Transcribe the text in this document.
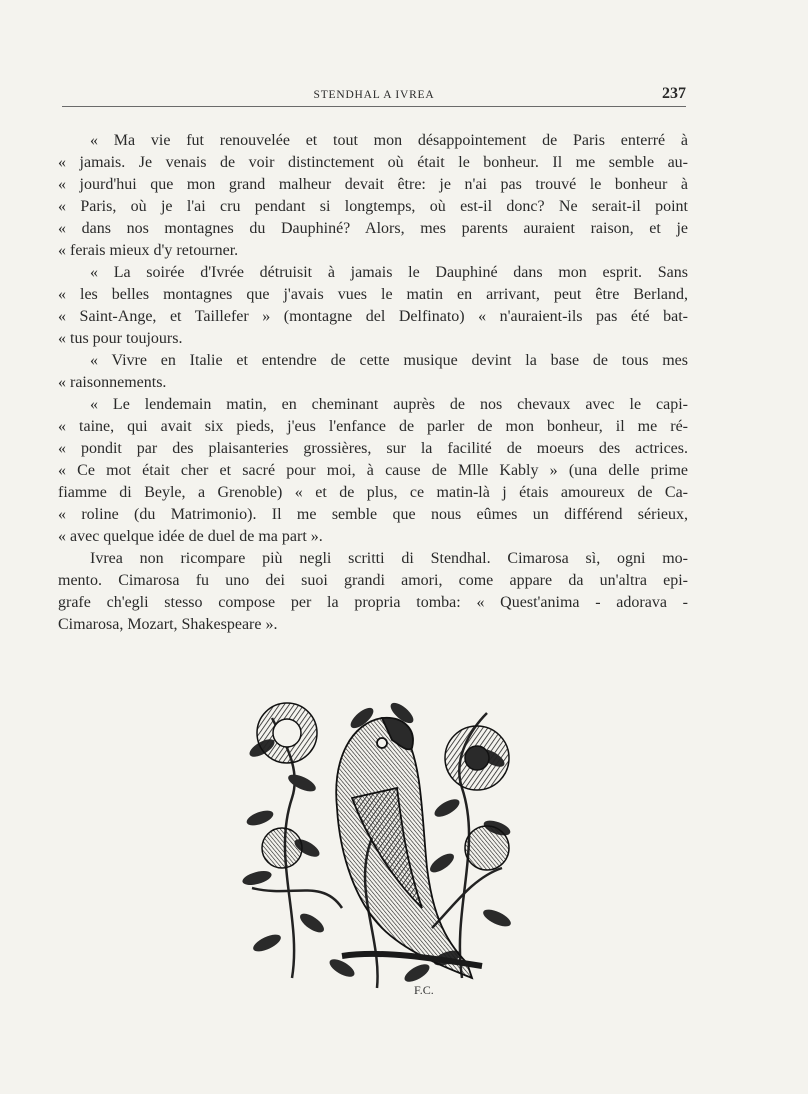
STENDHAL A IVREA	237
« Ma vie fut renouvelée et tout mon désappointement de Paris enterré à
« jamais. Je venais de voir distinctement où était le bonheur. Il me semble au-
« jourd'hui que mon grand malheur devait être: je n'ai pas trouvé le bonheur à
« Paris, où je l'ai cru pendant si longtemps, où est-il donc? Ne serait-il point
« dans nos montagnes du Dauphiné? Alors, mes parents auraient raison, et je
« ferais mieux d'y retourner.
« La soirée d'Ivrée détruisit à jamais le Dauphiné dans mon esprit. Sans
« les belles montagnes que j'avais vues le matin en arrivant, peut être Berland,
« Saint-Ange, et Taillefer » (montagne del Delfinato) « n'auraient-ils pas été bat-
« tus pour toujours.
« Vivre en Italie et entendre de cette musique devint la base de tous mes
« raisonnements.
« Le lendemain matin, en cheminant auprès de nos chevaux avec le capi-
« taine, qui avait six pieds, j'eus l'enfance de parler de mon bonheur, il me ré-
« pondit par des plaisanteries grossières, sur la facilité de moeurs des actrices.
« Ce mot était cher et sacré pour moi, à cause de Mlle Kably » (una delle prime
fiamme di Beyle, a Grenoble) « et de plus, ce matin-là j étais amoureux de Ca-
« roline (du Matrimonio). Il me semble que nous eûmes un différend sérieux,
« avec quelque idée de duel de ma part ».
Ivrea non ricompare più negli scritti di Stendhal. Cimarosa sì, ogni mo-
mento. Cimarosa fu uno dei suoi grandi amori, come appare da un'altra epi-
grafe ch'egli stesso compose per la propria tomba: « Quest'anima - adorava -
Cimarosa, Mozart, Shakespeare ».
F.C.
